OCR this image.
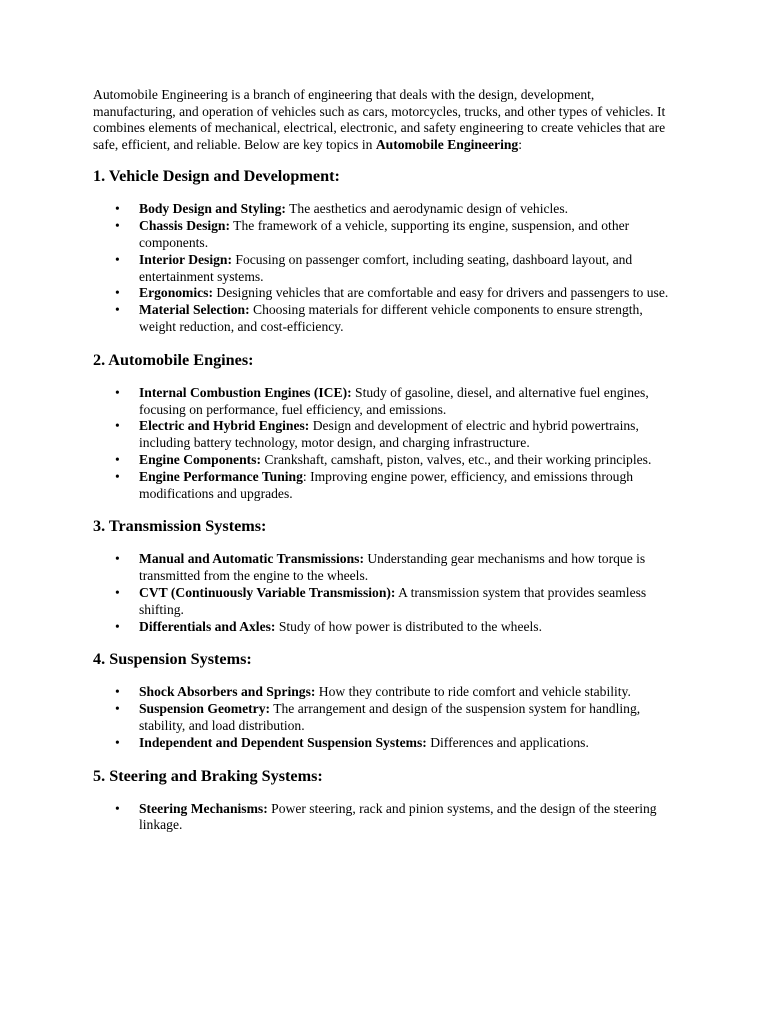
Automobile Engineering is a branch of engineering that deals with the design, development, manufacturing, and operation of vehicles such as cars, motorcycles, trucks, and other types of vehicles. It combines elements of mechanical, electrical, electronic, and safety engineering to create vehicles that are safe, efficient, and reliable. Below are key topics in Automobile Engineering:

1. Vehicle Design and Development:
• Body Design and Styling: The aesthetics and aerodynamic design of vehicles.
• Chassis Design: The framework of a vehicle, supporting its engine, suspension, and other components.
• Interior Design: Focusing on passenger comfort, including seating, dashboard layout, and entertainment systems.
• Ergonomics: Designing vehicles that are comfortable and easy for drivers and passengers to use.
• Material Selection: Choosing materials for different vehicle components to ensure strength, weight reduction, and cost-efficiency.
2. Automobile Engines:
• Internal Combustion Engines (ICE): Study of gasoline, diesel, and alternative fuel engines, focusing on performance, fuel efficiency, and emissions.
• Electric and Hybrid Engines: Design and development of electric and hybrid powertrains, including battery technology, motor design, and charging infrastructure.
• Engine Components: Crankshaft, camshaft, piston, valves, etc., and their working principles.
• Engine Performance Tuning: Improving engine power, efficiency, and emissions through modifications and upgrades.
3. Transmission Systems:
• Manual and Automatic Transmissions: Understanding gear mechanisms and how torque is transmitted from the engine to the wheels.
• CVT (Continuously Variable Transmission): A transmission system that provides seamless shifting.
• Differentials and Axles: Study of how power is distributed to the wheels.
4. Suspension Systems:
• Shock Absorbers and Springs: How they contribute to ride comfort and vehicle stability.
• Suspension Geometry: The arrangement and design of the suspension system for handling, stability, and load distribution.
• Independent and Dependent Suspension Systems: Differences and applications.
5. Steering and Braking Systems:
• Steering Mechanisms: Power steering, rack and pinion systems, and the design of the steering linkage.
